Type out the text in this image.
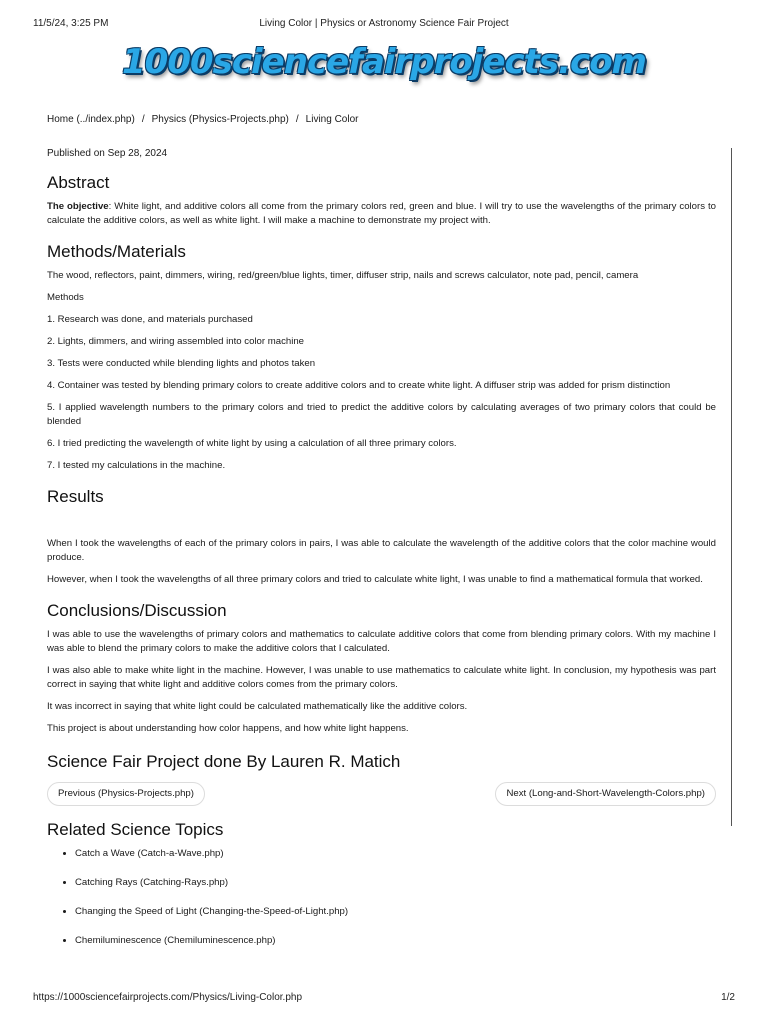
11/5/24, 3:25 PM	Living Color | Physics or Astronomy Science Fair Project
1000sciencefairprojects.com
Home (../index.php) / Physics (Physics-Projects.php) / Living Color
Published on Sep 28, 2024
Abstract

The objective: White light, and additive colors all come from the primary colors red, green and blue. I will try to use the wavelengths of the primary colors to calculate the additive colors, as well as white light. I will make a machine to demonstrate my project with.

Methods/Materials

The wood, reflectors, paint, dimmers, wiring, red/green/blue lights, timer, diffuser strip, nails and screws calculator, note pad, pencil, camera

Methods

1. Research was done, and materials purchased

2. Lights, dimmers, and wiring assembled into color machine

3. Tests were conducted while blending lights and photos taken

4. Container was tested by blending primary colors to create additive colors and to create white light. A diffuser strip was added for prism distinction

5. I applied wavelength numbers to the primary colors and tried to predict the additive colors by calculating averages of two primary colors that could be blended

6. I tried predicting the wavelength of white light by using a calculation of all three primary colors.

7. I tested my calculations in the machine.

Results

When I took the wavelengths of each of the primary colors in pairs, I was able to calculate the wavelength of the additive colors that the color machine would produce.

However, when I took the wavelengths of all three primary colors and tried to calculate white light, I was unable to find a mathematical formula that worked.

Conclusions/Discussion

I was able to use the wavelengths of primary colors and mathematics to calculate additive colors that come from blending primary colors. With my machine I was able to blend the primary colors to make the additive colors that I calculated.

I was also able to make white light in the machine. However, I was unable to use mathematics to calculate white light. In conclusion, my hypothesis was part correct in saying that white light and additive colors comes from the primary colors.

It was incorrect in saying that white light could be calculated mathematically like the additive colors.

This project is about understanding how color happens, and how white light happens.

Science Fair Project done By Lauren R. Matich
Previous (Physics-Projects.php)	Next (Long-and-Short-Wavelength-Colors.php)
Related Science Topics
• Catch a Wave (Catch-a-Wave.php)
• Catching Rays (Catching-Rays.php)
• Changing the Speed of Light (Changing-the-Speed-of-Light.php)
• Chemiluminescence (Chemiluminescence.php)
https://1000sciencefairprojects.com/Physics/Living-Color.php	1/2
